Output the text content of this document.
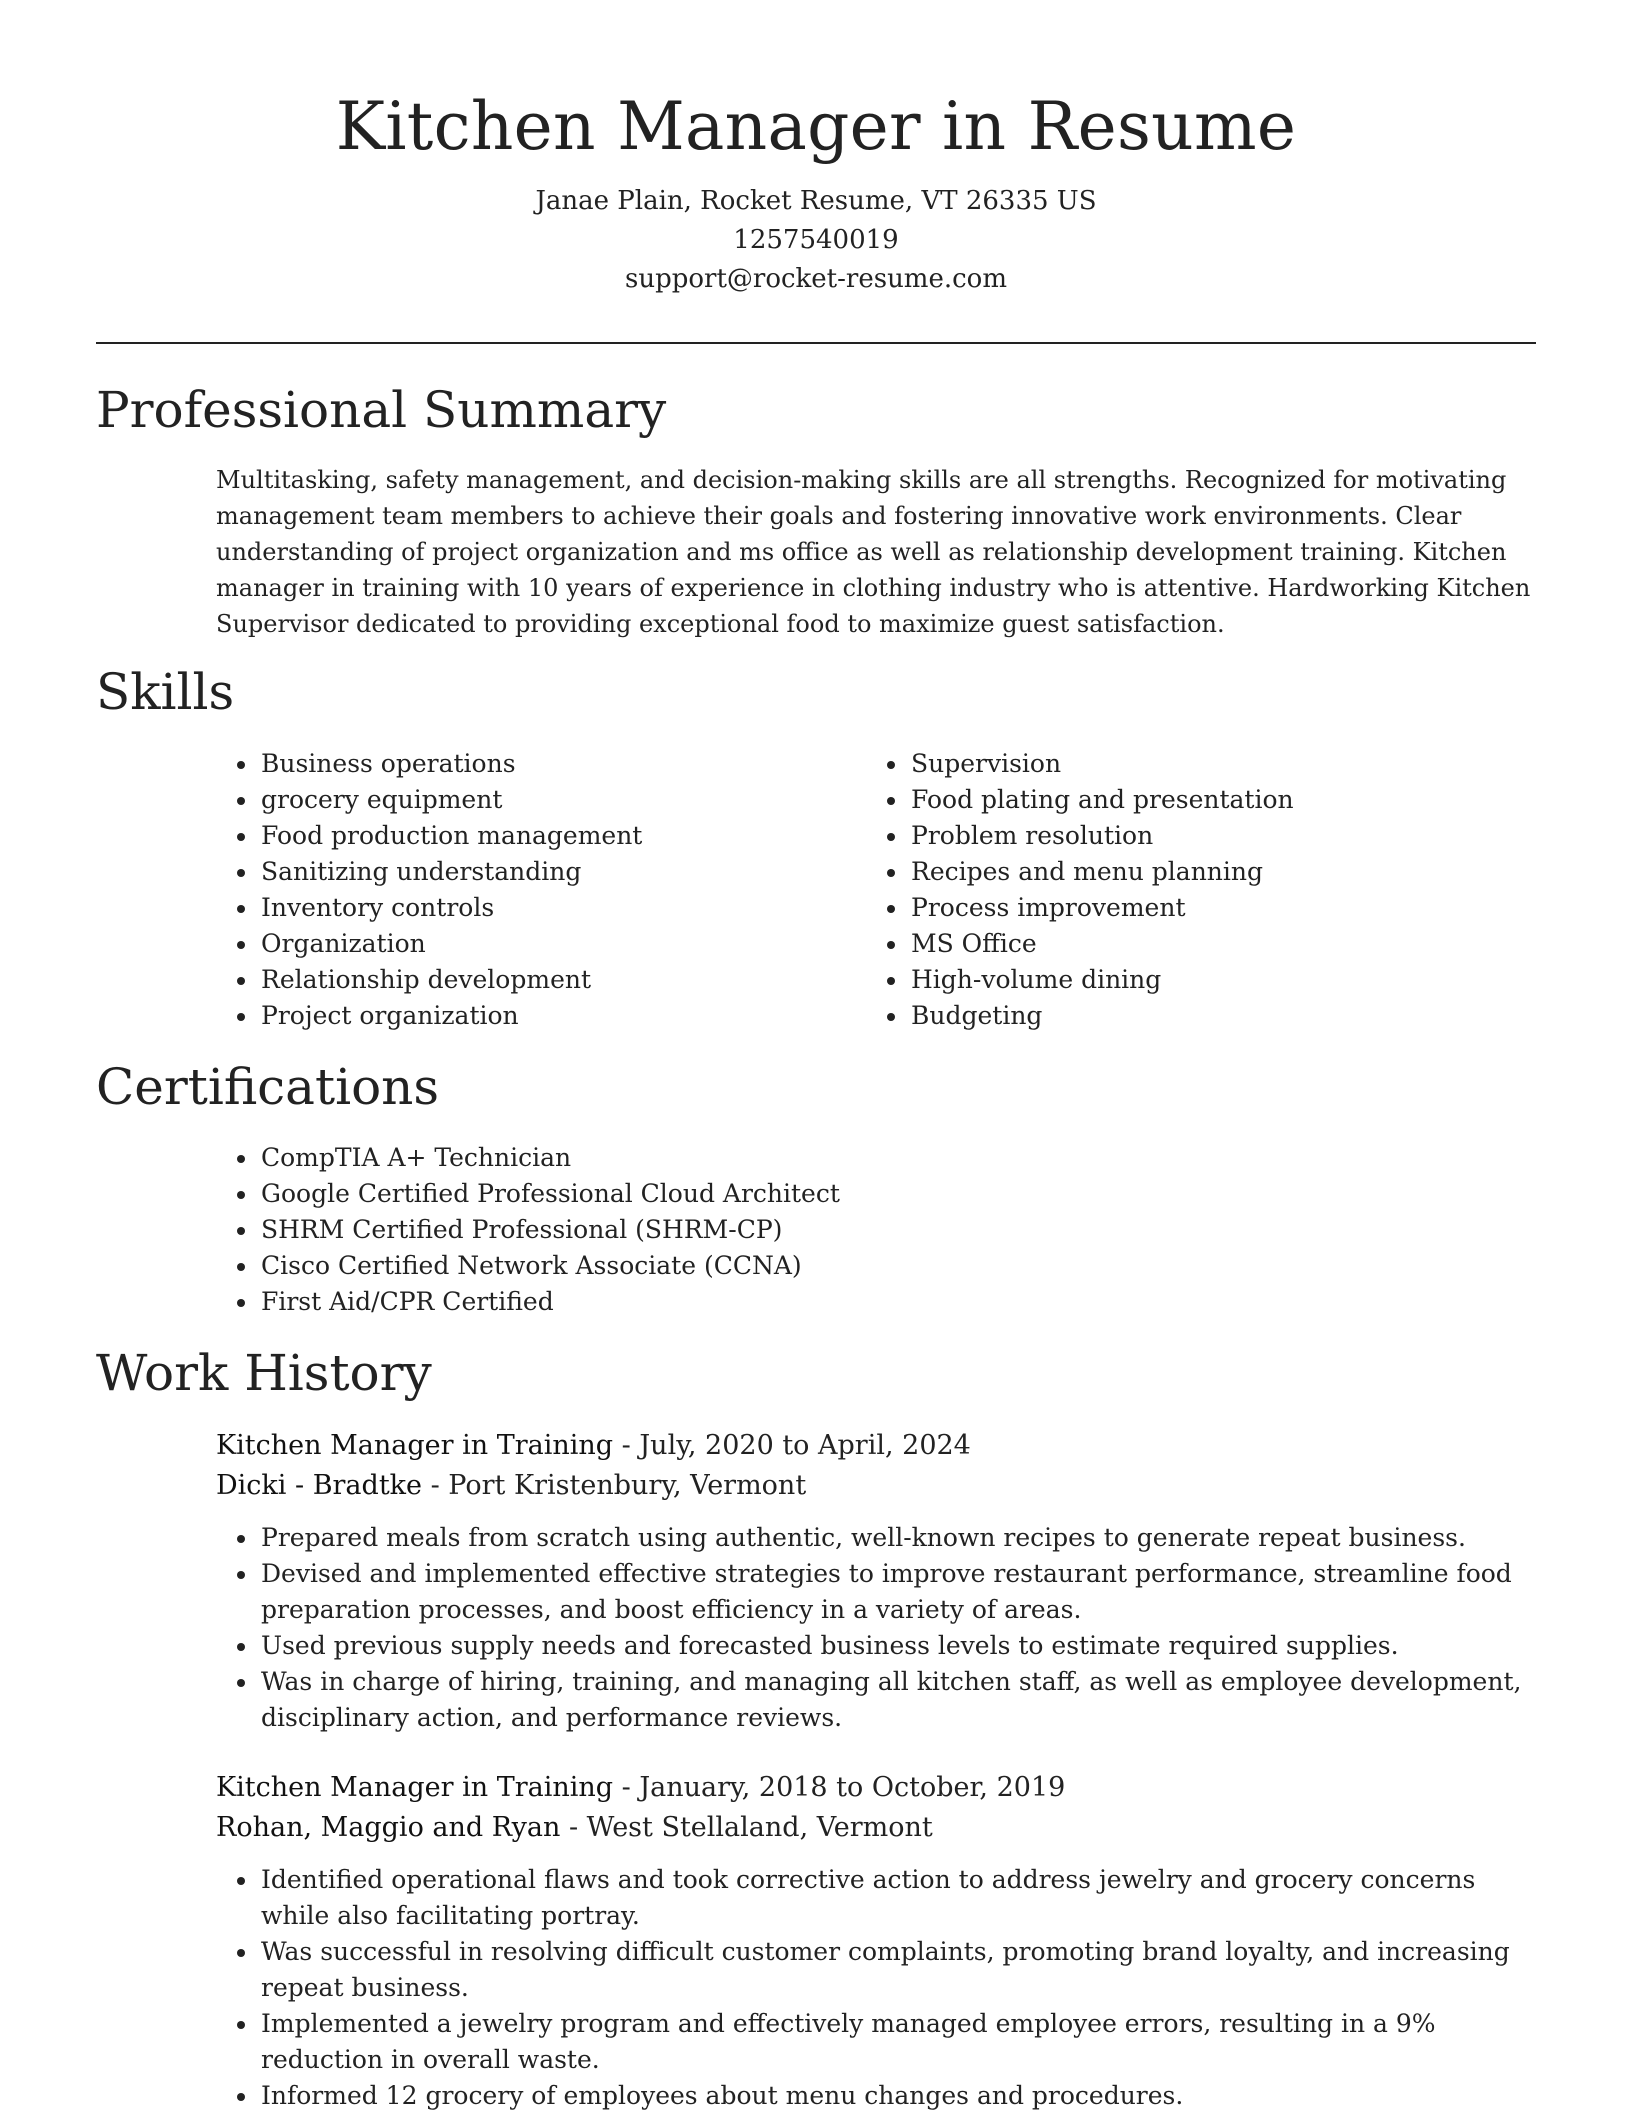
Kitchen Manager in Resume
Janae Plain, Rocket Resume, VT 26335 US
1257540019
support@rocket-resume.com
Professional Summary

Multitasking, safety management, and decision-making skills are all strengths. Recognized for motivating management team members to achieve their goals and fostering innovative work environments. Clear understanding of project organization and ms office as well as relationship development training. Kitchen manager in training with 10 years of experience in clothing industry who is attentive. Hardworking Kitchen Supervisor dedicated to providing exceptional food to maximize guest satisfaction.

Skills
• Business operations
• grocery equipment
• Food production management
• Sanitizing understanding
• Inventory controls
• Organization
• Relationship development
• Project organization
• Supervision
• Food plating and presentation
• Problem resolution
• Recipes and menu planning
• Process improvement
• MS Office
• High-volume dining
• Budgeting
Certifications
• CompTIA A+ Technician
• Google Certified Professional Cloud Architect
• SHRM Certified Professional (SHRM-CP)
• Cisco Certified Network Associate (CCNA)
• First Aid/CPR Certified
Work History
Kitchen Manager in Training - July, 2020 to April, 2024
Dicki - Bradtke - Port Kristenbury, Vermont
• Prepared meals from scratch using authentic, well-known recipes to generate repeat business.
• Devised and implemented effective strategies to improve restaurant performance, streamline food preparation processes, and boost efficiency in a variety of areas.
• Used previous supply needs and forecasted business levels to estimate required supplies.
• Was in charge of hiring, training, and managing all kitchen staff, as well as employee development, disciplinary action, and performance reviews.
Kitchen Manager in Training - January, 2018 to October, 2019
Rohan, Maggio and Ryan - West Stellaland, Vermont
• Identified operational flaws and took corrective action to address jewelry and grocery concerns while also facilitating portray.
• Was successful in resolving difficult customer complaints, promoting brand loyalty, and increasing repeat business.
• Implemented a jewelry program and effectively managed employee errors, resulting in a 9% reduction in overall waste.
• Informed 12 grocery of employees about menu changes and procedures.
